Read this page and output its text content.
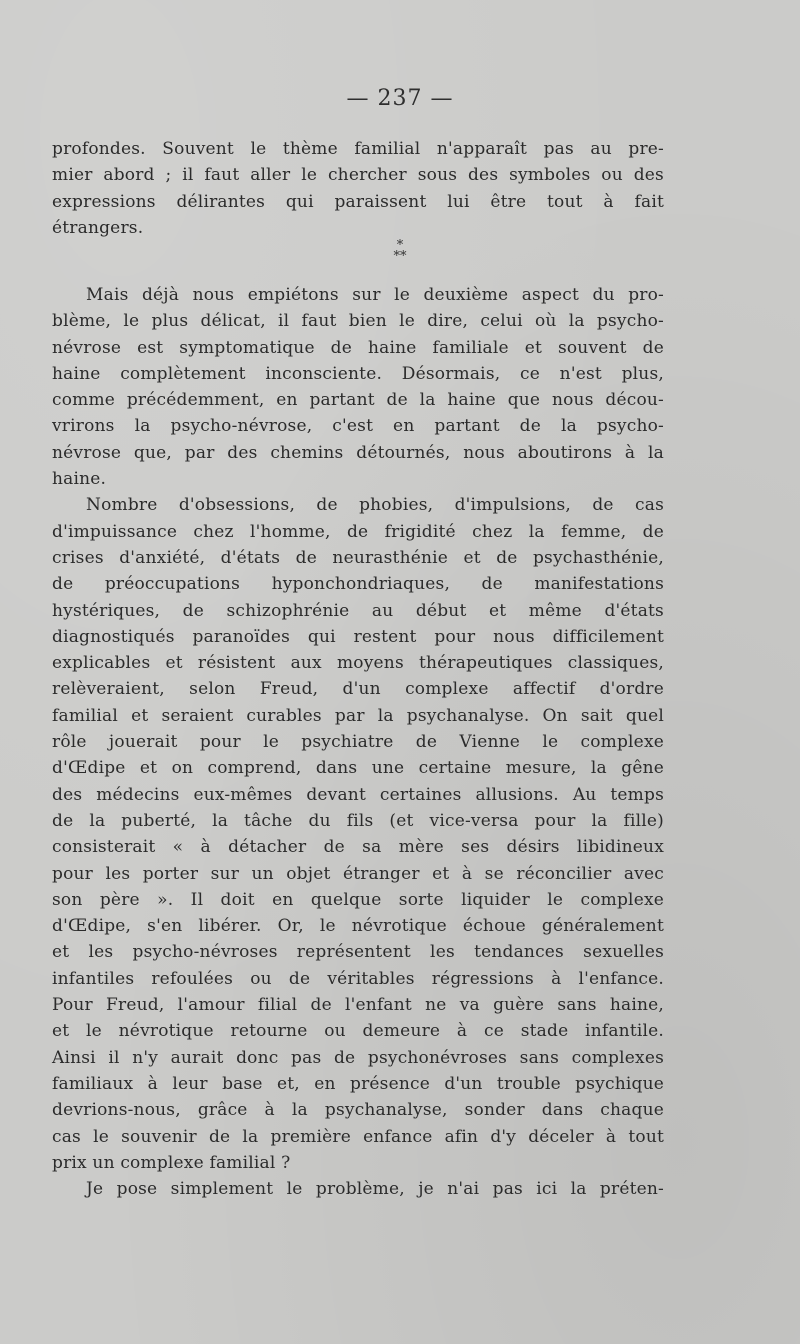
— 237 —
profondes. Souvent le thème familial n'apparaît pas au pre-
mier abord ; il faut aller le chercher sous des symboles ou des
expressions délirantes qui paraissent lui être tout à fait
étrangers.
*
**
Mais déjà nous empiétons sur le deuxième aspect du pro-
blème, le plus délicat, il faut bien le dire, celui où la psycho-
névrose est symptomatique de haine familiale et souvent de
haine complètement inconsciente. Désormais, ce n'est plus,
comme précédemment, en partant de la haine que nous décou-
vrirons la psycho-névrose, c'est en partant de la psycho-
névrose que, par des chemins détournés, nous aboutirons à la
haine.
Nombre d'obsessions, de phobies, d'impulsions, de cas
d'impuissance chez l'homme, de frigidité chez la femme, de
crises d'anxiété, d'états de neurasthénie et de psychasthénie,
de préoccupations hyponchondriaques, de manifestations
hystériques, de schizophrénie au début et même d'états
diagnostiqués paranoïdes qui restent pour nous difficilement
explicables et résistent aux moyens thérapeutiques classiques,
relèveraient, selon Freud, d'un complexe affectif d'ordre
familial et seraient curables par la psychanalyse. On sait quel
rôle jouerait pour le psychiatre de Vienne le complexe
d'Œdipe et on comprend, dans une certaine mesure, la gêne
des médecins eux-mêmes devant certaines allusions. Au temps
de la puberté, la tâche du fils (et vice-versa pour la fille)
consisterait « à détacher de sa mère ses désirs libidineux
pour les porter sur un objet étranger et à se réconcilier avec
son père ». Il doit en quelque sorte liquider le complexe
d'Œdipe, s'en libérer. Or, le névrotique échoue généralement
et les psycho-névroses représentent les tendances sexuelles
infantiles refoulées ou de véritables régressions à l'enfance.
Pour Freud, l'amour filial de l'enfant ne va guère sans haine,
et le névrotique retourne ou demeure à ce stade infantile.
Ainsi il n'y aurait donc pas de psychonévroses sans complexes
familiaux à leur base et, en présence d'un trouble psychique
devrions-nous, grâce à la psychanalyse, sonder dans chaque
cas le souvenir de la première enfance afin d'y déceler à tout
prix un complexe familial ?
Je pose simplement le problème, je n'ai pas ici la préten-
